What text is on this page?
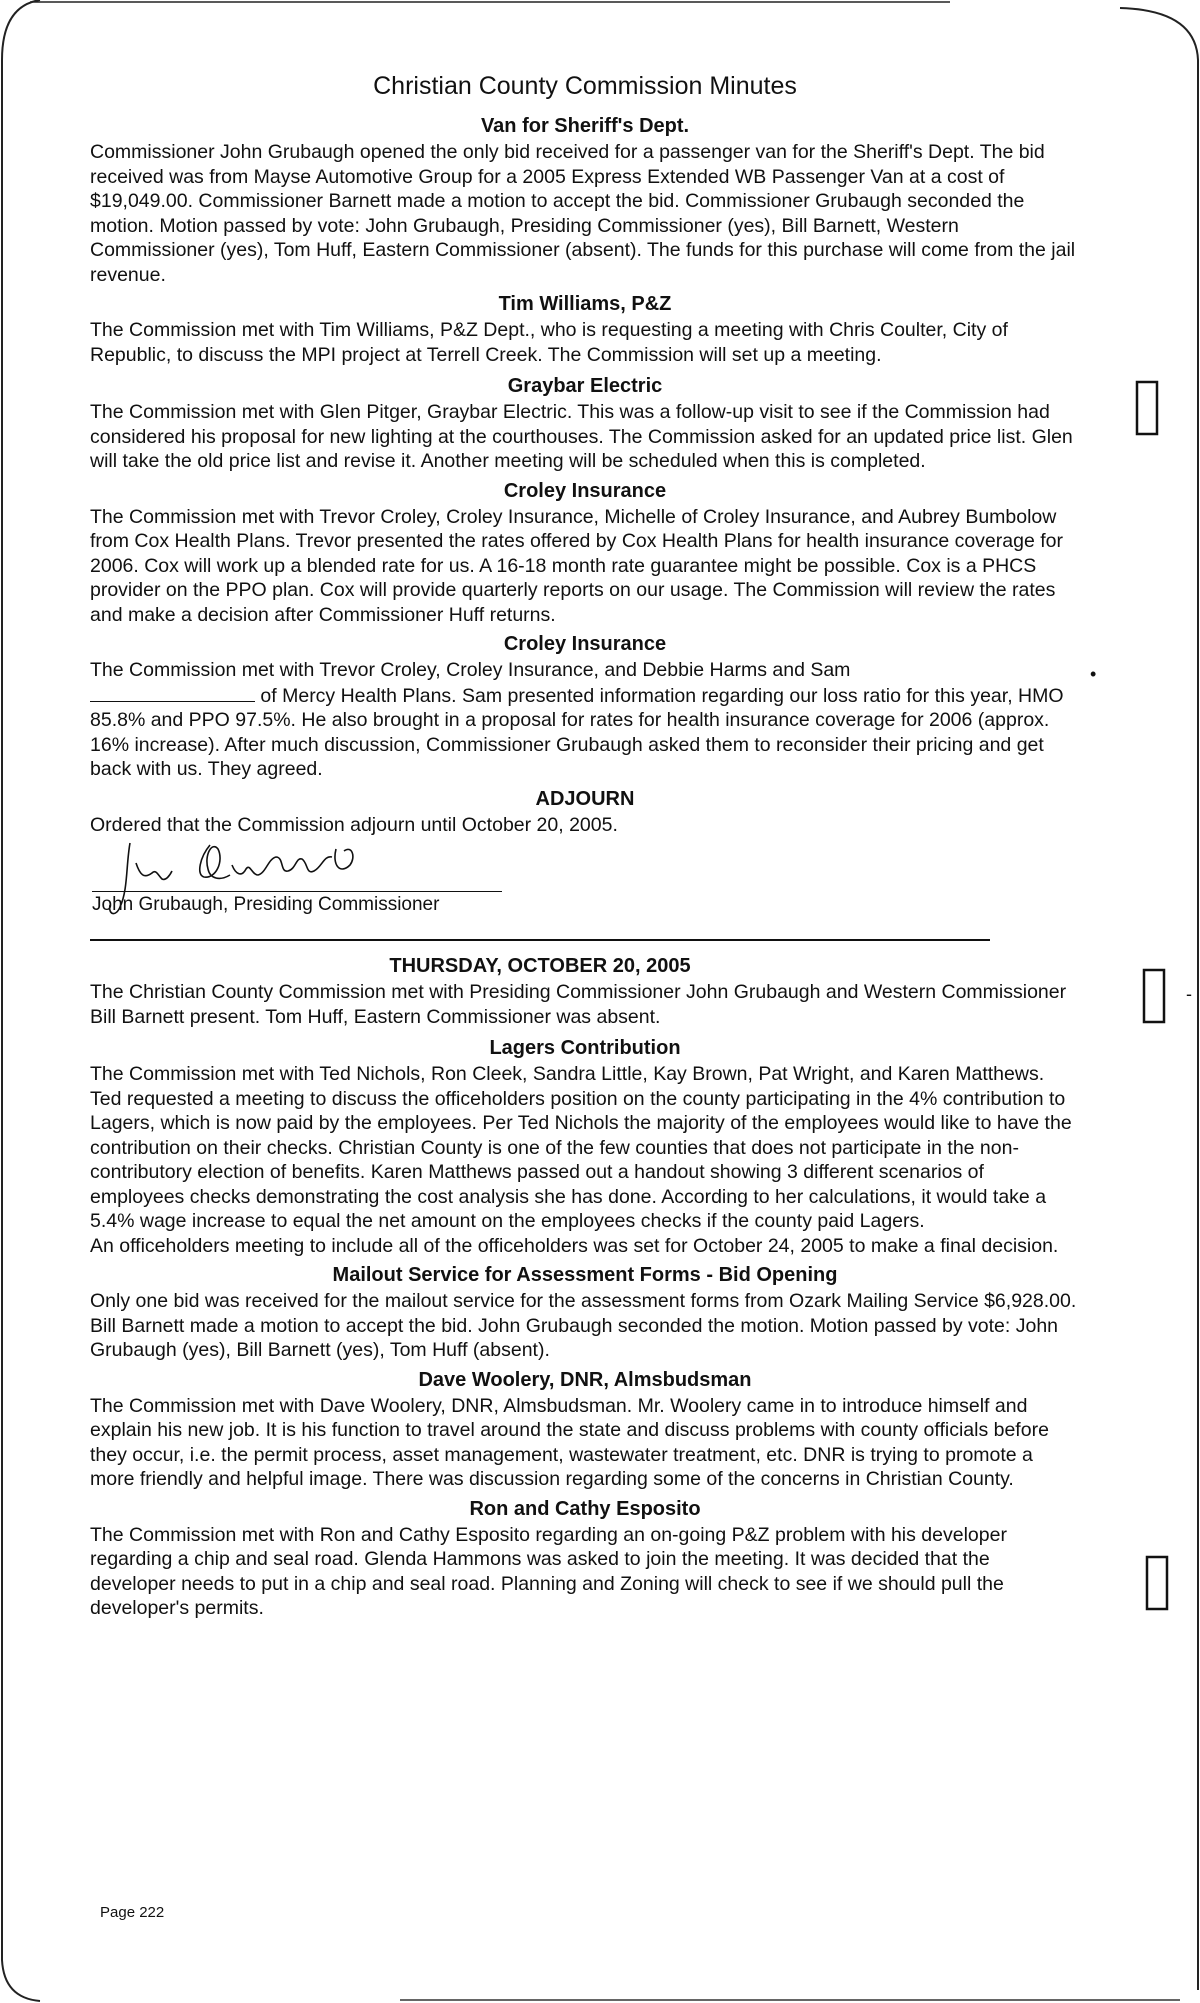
Christian County Commission Minutes
Van for Sheriff's Dept.

Commissioner John Grubaugh opened the only bid received for a passenger van for the Sheriff's Dept. The bid received was from Mayse Automotive Group for a 2005 Express Extended WB Passenger Van at a cost of $19,049.00. Commissioner Barnett made a motion to accept the bid. Commissioner Grubaugh seconded the motion. Motion passed by vote: John Grubaugh, Presiding Commissioner (yes), Bill Barnett, Western Commissioner (yes), Tom Huff, Eastern Commissioner (absent). The funds for this purchase will come from the jail revenue.

Tim Williams, P&Z

The Commission met with Tim Williams, P&Z Dept., who is requesting a meeting with Chris Coulter, City of Republic, to discuss the MPI project at Terrell Creek. The Commission will set up a meeting.

Graybar Electric

The Commission met with Glen Pitger, Graybar Electric. This was a follow-up visit to see if the Commission had considered his proposal for new lighting at the courthouses. The Commission asked for an updated price list. Glen will take the old price list and revise it. Another meeting will be scheduled when this is completed.

Croley Insurance

The Commission met with Trevor Croley, Croley Insurance, Michelle of Croley Insurance, and Aubrey Bumbolow from Cox Health Plans. Trevor presented the rates offered by Cox Health Plans for health insurance coverage for 2006. Cox will work up a blended rate for us. A 16-18 month rate guarantee might be possible. Cox is a PHCS provider on the PPO plan. Cox will provide quarterly reports on our usage. The Commission will review the rates and make a decision after Commissioner Huff returns.

Croley Insurance

The Commission met with Trevor Croley, Croley Insurance, and Debbie Harms and Sam
of Mercy Health Plans. Sam presented information regarding our loss ratio for this year, HMO 85.8% and PPO 97.5%. He also brought in a proposal for rates for health insurance coverage for 2006 (approx. 16% increase). After much discussion, Commissioner Grubaugh asked them to reconsider their pricing and get back with us. They agreed.

ADJOURN

Ordered that the Commission adjourn until October 20, 2005.

John Grubaugh, Presiding Commissioner
THURSDAY, OCTOBER 20, 2005

The Christian County Commission met with Presiding Commissioner John Grubaugh and Western Commissioner Bill Barnett present. Tom Huff, Eastern Commissioner was absent.

Lagers Contribution

The Commission met with Ted Nichols, Ron Cleek, Sandra Little, Kay Brown, Pat Wright, and Karen Matthews. Ted requested a meeting to discuss the officeholders position on the county participating in the 4% contribution to Lagers, which is now paid by the employees. Per Ted Nichols the majority of the employees would like to have the contribution on their checks. Christian County is one of the few counties that does not participate in the non-contributory election of benefits. Karen Matthews passed out a handout showing 3 different scenarios of employees checks demonstrating the cost analysis she has done. According to her calculations, it would take a 5.4% wage increase to equal the net amount on the employees checks if the county paid Lagers.

An officeholders meeting to include all of the officeholders was set for October 24, 2005 to make a final decision.

Mailout Service for Assessment Forms - Bid Opening

Only one bid was received for the mailout service for the assessment forms from Ozark Mailing Service $6,928.00. Bill Barnett made a motion to accept the bid. John Grubaugh seconded the motion. Motion passed by vote: John Grubaugh (yes), Bill Barnett (yes), Tom Huff (absent).

Dave Woolery, DNR, Almsbudsman

The Commission met with Dave Woolery, DNR, Almsbudsman. Mr. Woolery came in to introduce himself and explain his new job. It is his function to travel around the state and discuss problems with county officials before they occur, i.e. the permit process, asset management, wastewater treatment, etc. DNR is trying to promote a more friendly and helpful image. There was discussion regarding some of the concerns in Christian County.

Ron and Cathy Esposito

The Commission met with Ron and Cathy Esposito regarding an on-going P&Z problem with his developer regarding a chip and seal road. Glenda Hammons was asked to join the meeting. It was decided that the developer needs to put in a chip and seal road. Planning and Zoning will check to see if we should pull the developer's permits.

•
-
Page 222
